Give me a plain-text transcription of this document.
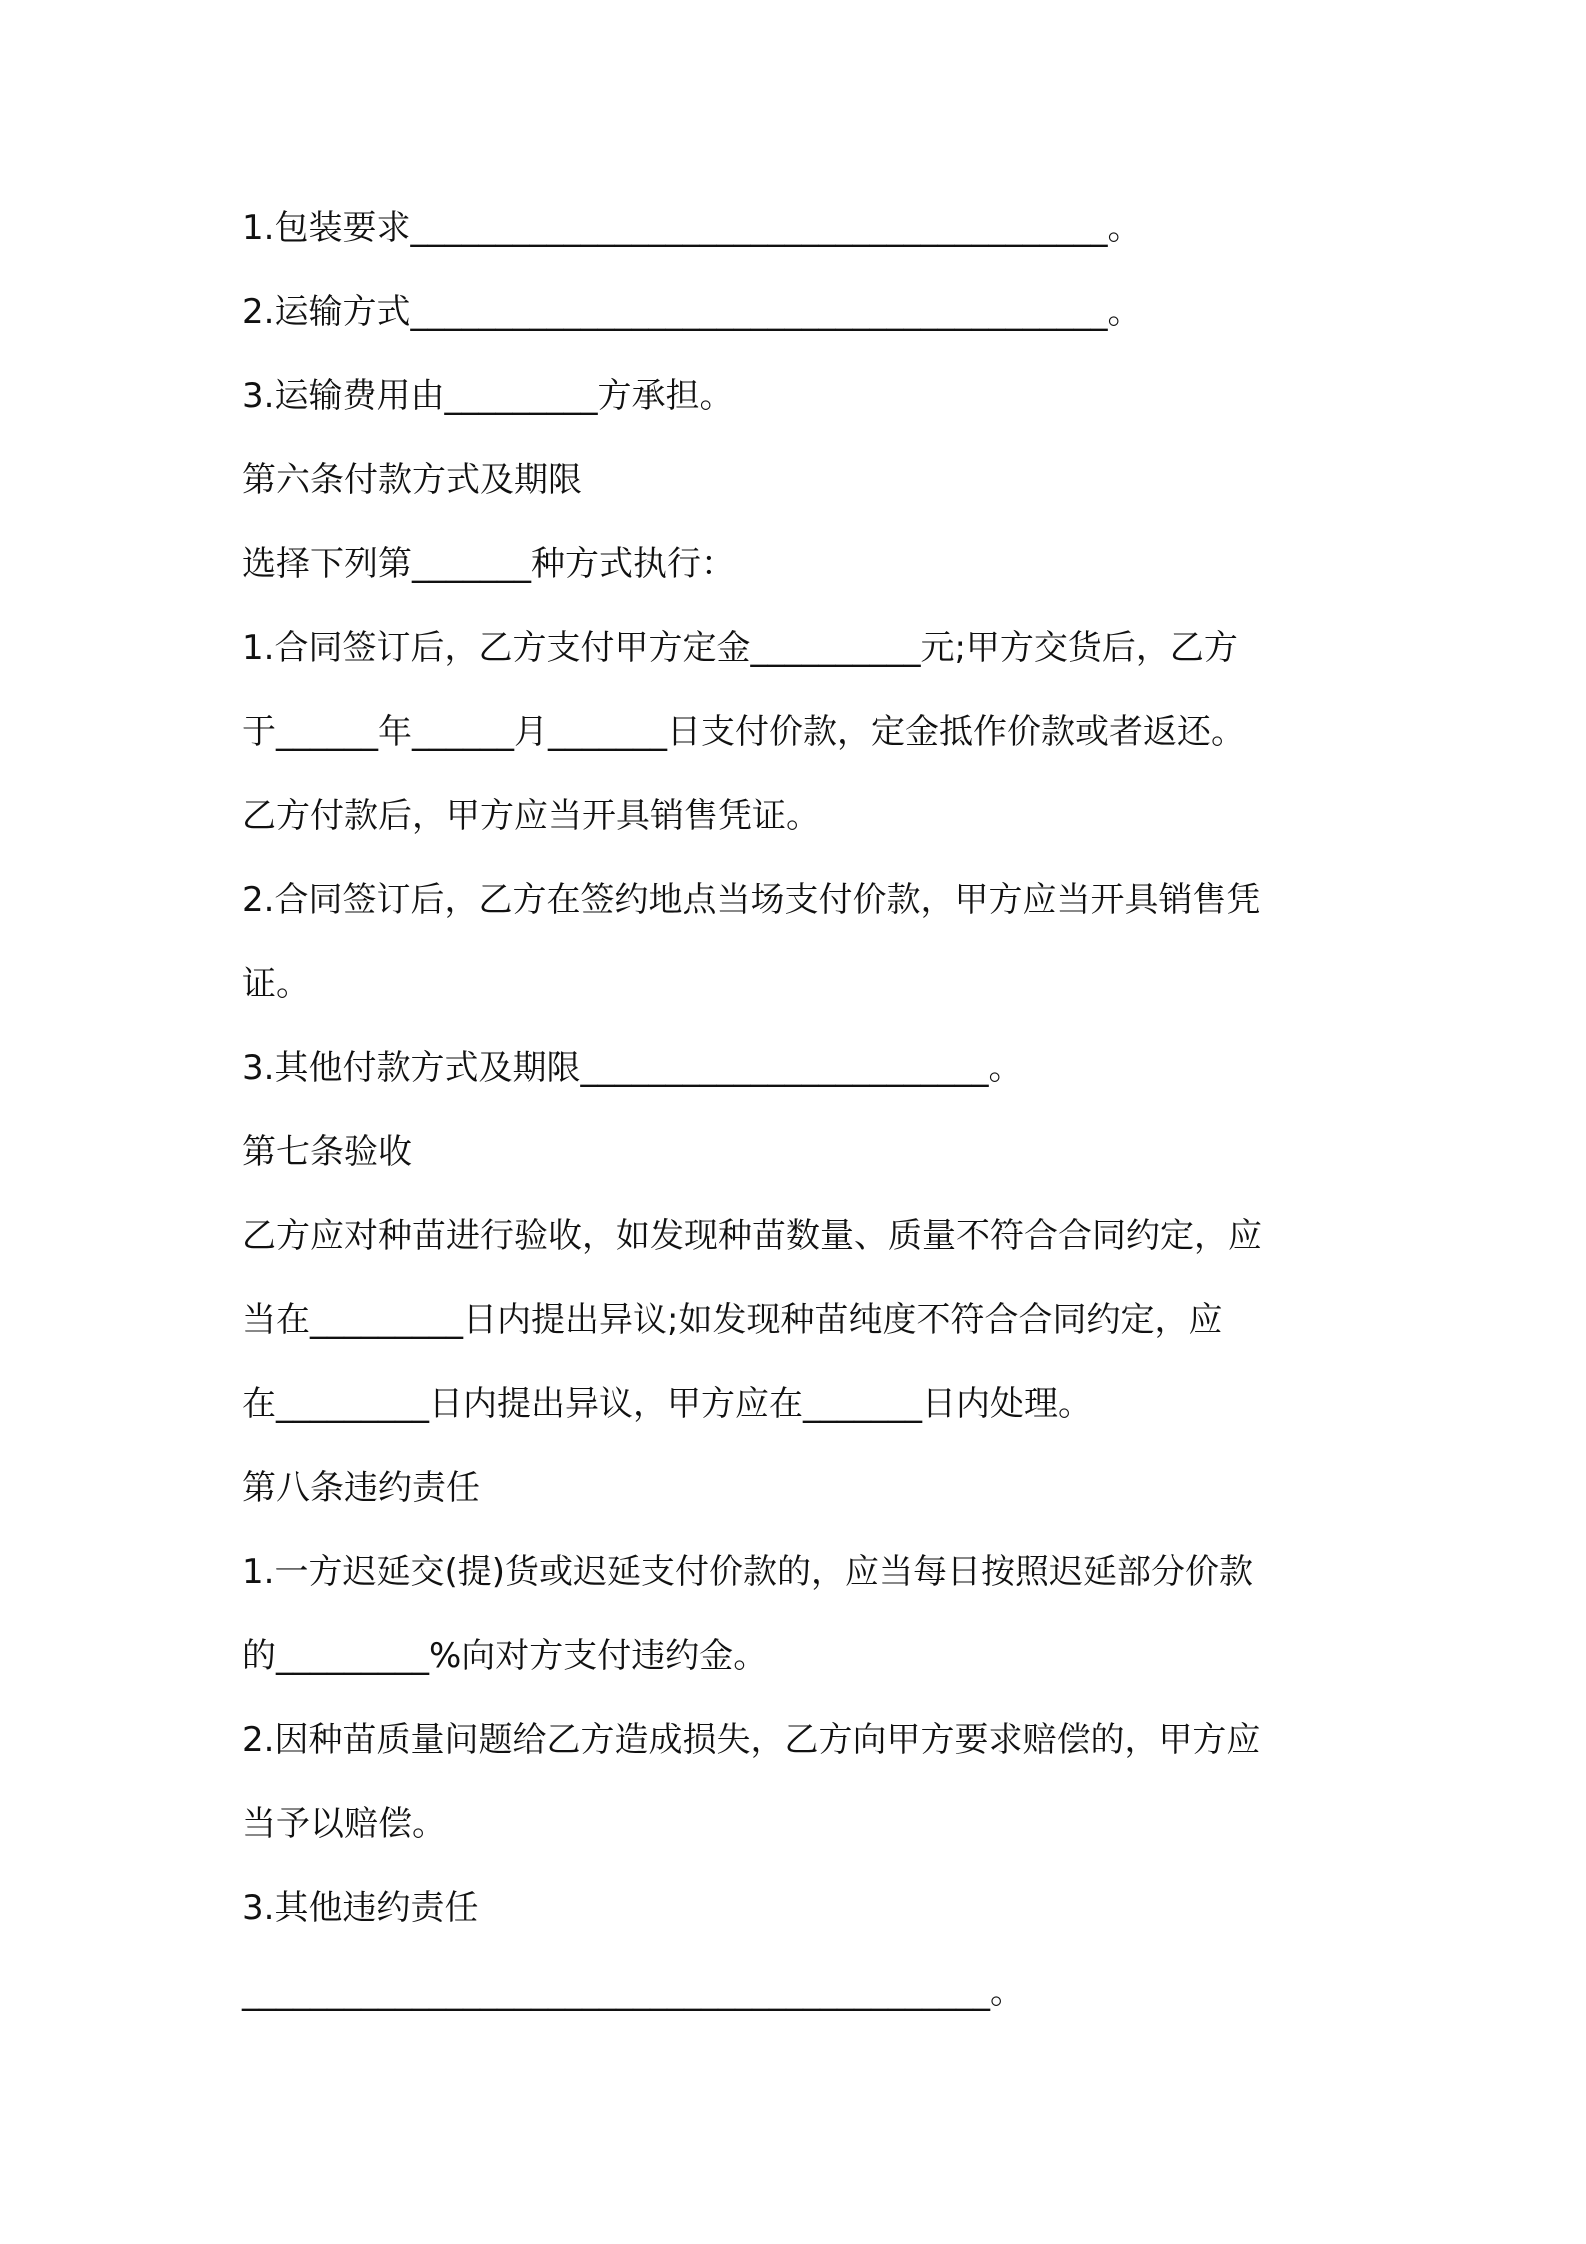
1.包装要求_________________________________________。
2.运输方式_________________________________________。
3.运输费用由_________方承担。
第六条付款方式及期限
选择下列第_______种方式执行：
1.合同签订后，乙方支付甲方定金__________元;甲方交货后，乙方
于______年______月_______日支付价款，定金抵作价款或者返还。
乙方付款后，甲方应当开具销售凭证。
2.合同签订后，乙方在签约地点当场支付价款，甲方应当开具销售凭
证。
3.其他付款方式及期限________________________。
第七条验收
乙方应对种苗进行验收，如发现种苗数量、质量不符合合同约定，应
当在_________日内提出异议;如发现种苗纯度不符合合同约定，应
在_________日内提出异议，甲方应在_______日内处理。
第八条违约责任
1.一方迟延交(提)货或迟延支付价款的，应当每日按照迟延部分价款
的_________%向对方支付违约金。
2.因种苗质量问题给乙方造成损失，乙方向甲方要求赔偿的，甲方应
当予以赔偿。
3.其他违约责任
____________________________________________。
